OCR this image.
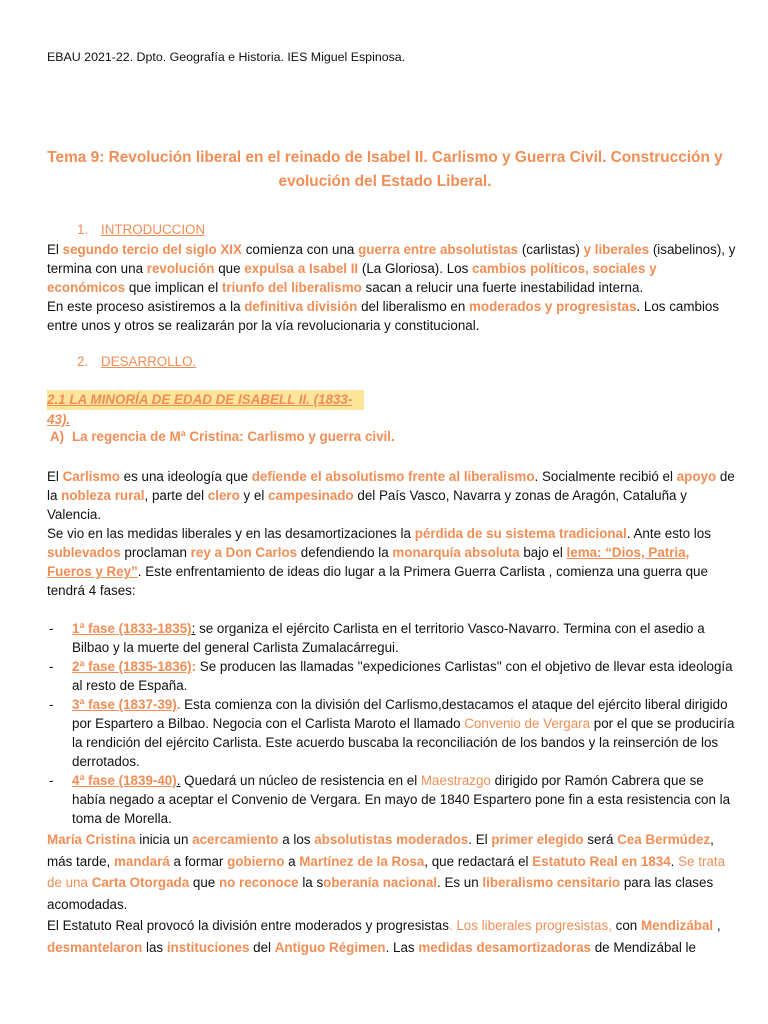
EBAU 2021-22. Dpto. Geografía e Historia. IES Miguel Espinosa.
Tema 9: Revolución liberal en el reinado de Isabel II. Carlismo y Guerra Civil. Construcción y
evolución del Estado Liberal.
1. INTRODUCCION
El segundo tercio del siglo XIX comienza con una guerra entre absolutistas (carlistas) y liberales (isabelinos), y termina con una revolución que expulsa a Isabel II (La Gloriosa). Los cambios políticos, sociales y económicos que implican el triunfo del liberalismo sacan a relucir una fuerte inestabilidad interna.
En este proceso asistiremos a la definitiva división del liberalismo en moderados y progresistas. Los cambios entre unos y otros se realizarán por la vía revolucionaria y constitucional.
2. DESARROLLO.
2.1 LA MINORÍA DE EDAD DE ISABELL II. (1833-43).
A) La regencia de Mª Cristina: Carlismo y guerra civil.
El Carlismo es una ideología que defiende el absolutismo frente al liberalismo. Socialmente recibió el apoyo de la nobleza rural, parte del clero y el campesinado del País Vasco, Navarra y zonas de Aragón, Cataluña y Valencia.
Se vio en las medidas liberales y en las desamortizaciones la pérdida de su sistema tradicional. Ante esto los sublevados proclaman rey a Don Carlos defendiendo la monarquía absoluta bajo el lema: “Dios, Patria, Fueros y Rey”. Este enfrentamiento de ideas dio lugar a la Primera Guerra Carlista , comienza una guerra que tendrá 4 fases:
- 1ª fase (1833-1835): se organiza el ejército Carlista en el territorio Vasco-Navarro. Termina con el asedio a Bilbao y la muerte del general Carlista Zumalacárregui.
- 2ª fase (1835-1836): Se producen las llamadas ''expediciones Carlistas'' con el objetivo de llevar esta ideología al resto de España.
- 3ª fase (1837-39). Esta comienza con la división del Carlismo,destacamos el ataque del ejército liberal dirigido por Espartero a Bilbao. Negocia con el Carlista Maroto el llamado Convenio de Vergara por el que se produciría la rendición del ejército Carlista. Este acuerdo buscaba la reconciliación de los bandos y la reinserción de los derrotados.
- 4ª fase (1839-40). Quedará un núcleo de resistencia en el Maestrazgo dirigido por Ramón Cabrera que se había negado a aceptar el Convenio de Vergara. En mayo de 1840 Espartero pone fin a esta resistencia con la toma de Morella.
María Cristina inicia un acercamiento a los absolutistas moderados. El primer elegido será Cea Bermúdez, más tarde, mandará a formar gobierno a Martínez de la Rosa, que redactará el Estatuto Real en 1834. Se trata de una Carta Otorgada que no reconoce la soberanía nacional. Es un liberalismo censitario para las clases acomodadas.
El Estatuto Real provocó la división entre moderados y progresistas. Los liberales progresistas, con Mendizábal , desmantelaron las instituciones del Antiguo Régimen. Las medidas desamortizadoras de Mendizábal le
